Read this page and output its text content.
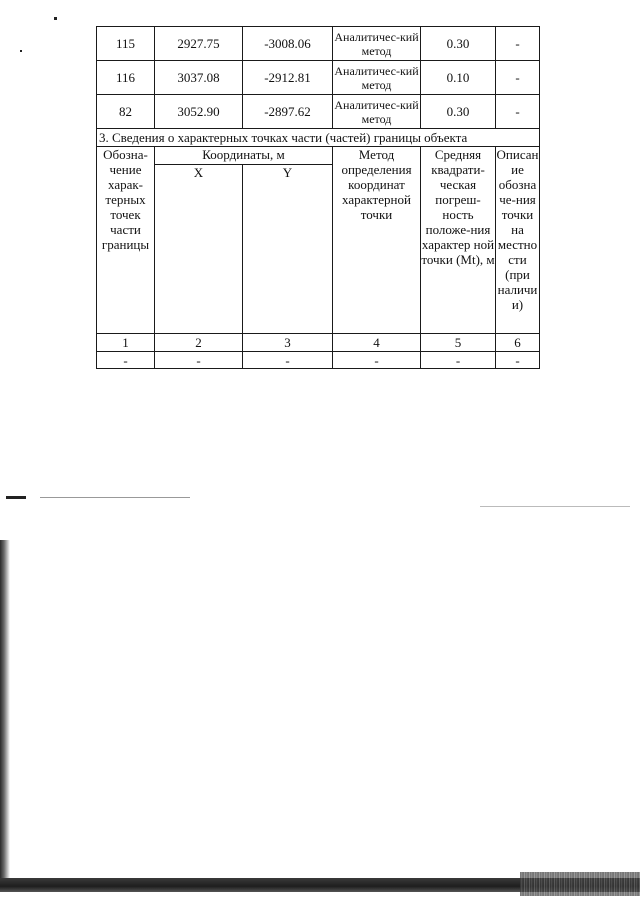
115	2927.75	-3008.06	Аналитичес-кий метод	0.30	-
116	3037.08	-2912.81	Аналитичес-кий метод	0.10	-
82	3052.90	-2897.62	Аналитичес-кий метод	0.30	-
3. Сведения о характерных точках части (частей) границы объекта					
Обозна-чение харак-терных точек части границы	Координаты, м		Метод определения координат характерной точки	Средняя квадрати-ческая погреш-ность положе-ния характер ной точки (Mt), м	Описание обозначе-ния точки на местности (при наличии)
	X	Y			
1	2	3	4	5	6
-	-	-	-	-	-
